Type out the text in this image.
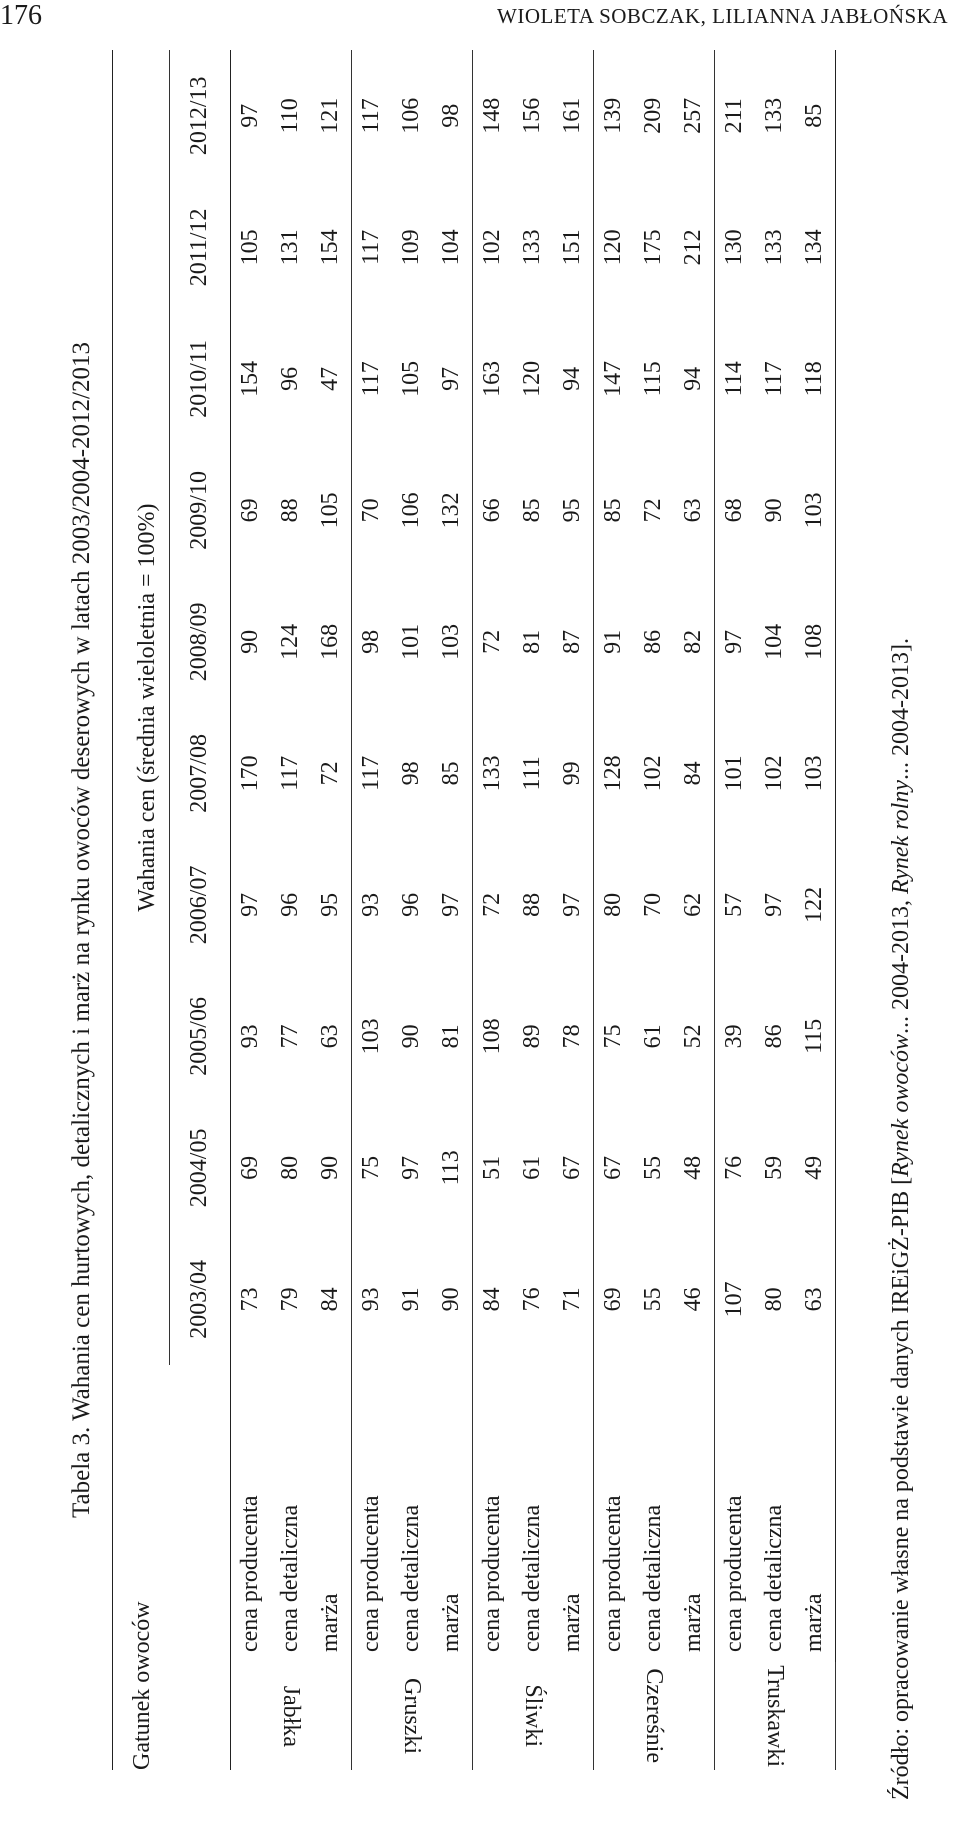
176	WIOLETA SOBCZAK, LILIANNA JABŁOŃSKA
Tabela 3. Wahania cen hurtowych, detalicznych i marż na rynku owoców deserowych w latach 2003/2004-2012/2013
Gatunek owoców		Wahania cen (średnia wieloletnia = 100%)									
		2003/04	2004/05	2005/06	2006/07	2007/08	2008/09	2009/10	2010/11	2011/12	2012/13
Jabłka	cena producenta	73	69	93	97	170	90	69	154	105	97
	cena detaliczna	79	80	77	96	117	124	88	96	131	110
	marża	84	90	63	95	72	168	105	47	154	121
Gruszki	cena producenta	93	75	103	93	117	98	70	117	117	117
	cena detaliczna	91	97	90	96	98	101	106	105	109	106
	marża	90	113	81	97	85	103	132	97	104	98
Śliwki	cena producenta	84	51	108	72	133	72	66	163	102	148
	cena detaliczna	76	61	89	88	111	81	85	120	133	156
	marża	71	67	78	97	99	87	95	94	151	161
Czereśnie	cena producenta	69	67	75	80	128	91	85	147	120	139
	cena detaliczna	55	55	61	70	102	86	72	115	175	209
	marża	46	48	52	62	84	82	63	94	212	257
Truskawki	cena producenta	107	76	39	57	101	97	68	114	130	211
	cena detaliczna	80	59	86	97	102	104	90	117	133	133
	marża	63	49	115	122	103	108	103	118	134	85
Źródło: opracowanie własne na podstawie danych IREiGŻ-PIB [Rynek owoców... 2004-2013, Rynek rolny... 2004-2013].
